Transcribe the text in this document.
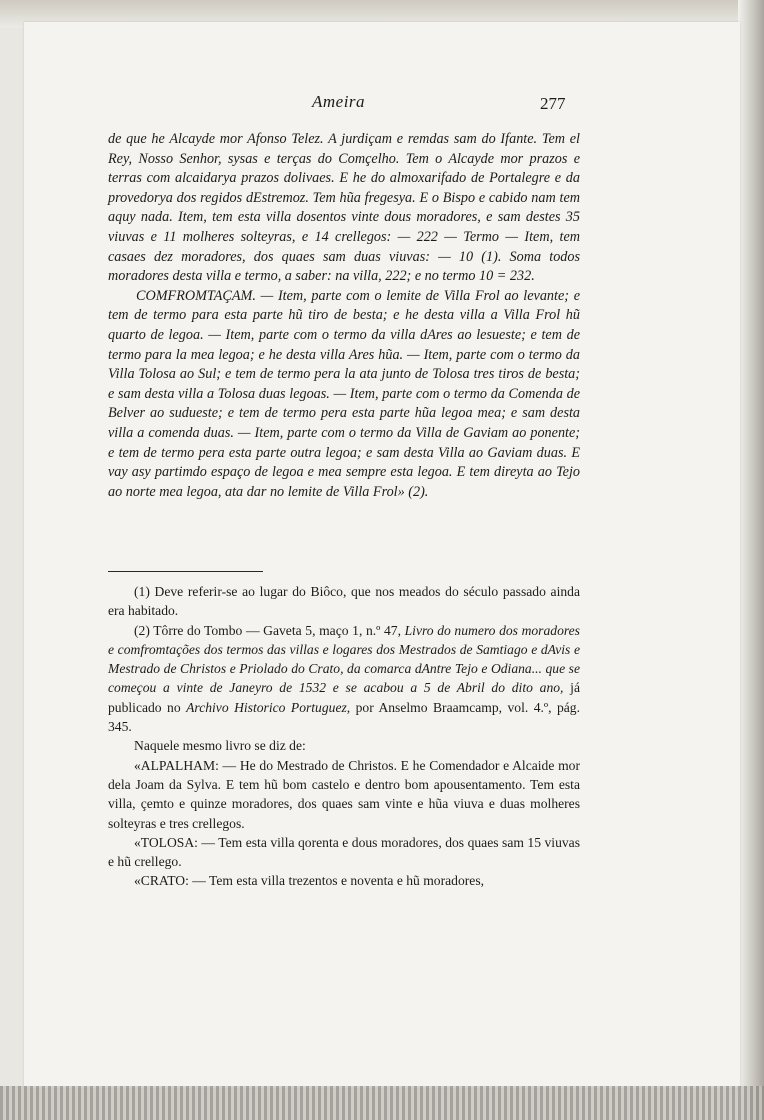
Ameira	277

de que he Alcayde mor Afonso Telez. A jurdiçam e remdas sam do Ifante. Tem el Rey, Nosso Senhor, sysas e terças do Comçelho. Tem o Alcayde mor prazos e terras com alcaidarya prazos dolivaes. E he do almoxarifado de Portalegre e da provedorya dos regidos dEstremoz. Tem hũa fregesya. E o Bispo e cabido nam tem aquy nada. Item, tem esta villa dosentos vinte dous moradores, e sam destes 35 viuvas e 11 molheres solteyras, e 14 crellegos: — 222 — Termo — Item, tem casaes dez moradores, dos quaes sam duas viuvas: — 10 (1). Soma todos moradores desta villa e termo, a saber: na villa, 222; e no termo 10 = 232.

COMFROMTAÇAM. — Item, parte com o lemite de Villa Frol ao levante; e tem de termo para esta parte hũ tiro de besta; e he desta villa a Villa Frol hũ quarto de legoa. — Item, parte com o termo da villa dAres ao lesueste; e tem de termo para la mea legoa; e he desta villa Ares hũa. — Item, parte com o termo da Villa Tolosa ao Sul; e tem de termo pera la ata junto de Tolosa tres tiros de besta; e sam desta villa a Tolosa duas legoas. — Item, parte com o termo da Comenda de Belver ao sudueste; e tem de termo pera esta parte hũa legoa mea; e sam desta villa a comenda duas. — Item, parte com o termo da Villa de Gaviam ao ponente; e tem de termo pera esta parte outra legoa; e sam desta Villa ao Gaviam duas. E vay asy partimdo espaço de legoa e mea sempre esta legoa. E tem direyta ao Tejo ao norte mea legoa, ata dar no lemite de Villa Frol» (2).

(1) Deve referir-se ao lugar do Biôco, que nos meados do século passado ainda era habitado.

(2) Tôrre do Tombo — Gaveta 5, maço 1, n.º 47, Livro do numero dos moradores e comfromtações dos termos das villas e logares dos Mestrados de Samtiago e dAvis e Mestrado de Christos e Priolado do Crato, da comarca dAntre Tejo e Odiana... que se começou a vinte de Janeyro de 1532 e se acabou a 5 de Abril do dito ano, já publicado no Archivo Historico Portuguez, por Anselmo Braamcamp, vol. 4.º, pág. 345.

Naquele mesmo livro se diz de:

«ALPALHAM: — He do Mestrado de Christos. E he Comendador e Alcaide mor dela Joam da Sylva. E tem hũ bom castelo e dentro bom apousentamento. Tem esta villa, çemto e quinze moradores, dos quaes sam vinte e hũa viuva e duas molheres solteyras e tres crellegos.

«TOLOSA: — Tem esta villa qorenta e dous moradores, dos quaes sam 15 viuvas e hũ crellego.

«CRATO: — Tem esta villa trezentos e noventa e hũ moradores,
